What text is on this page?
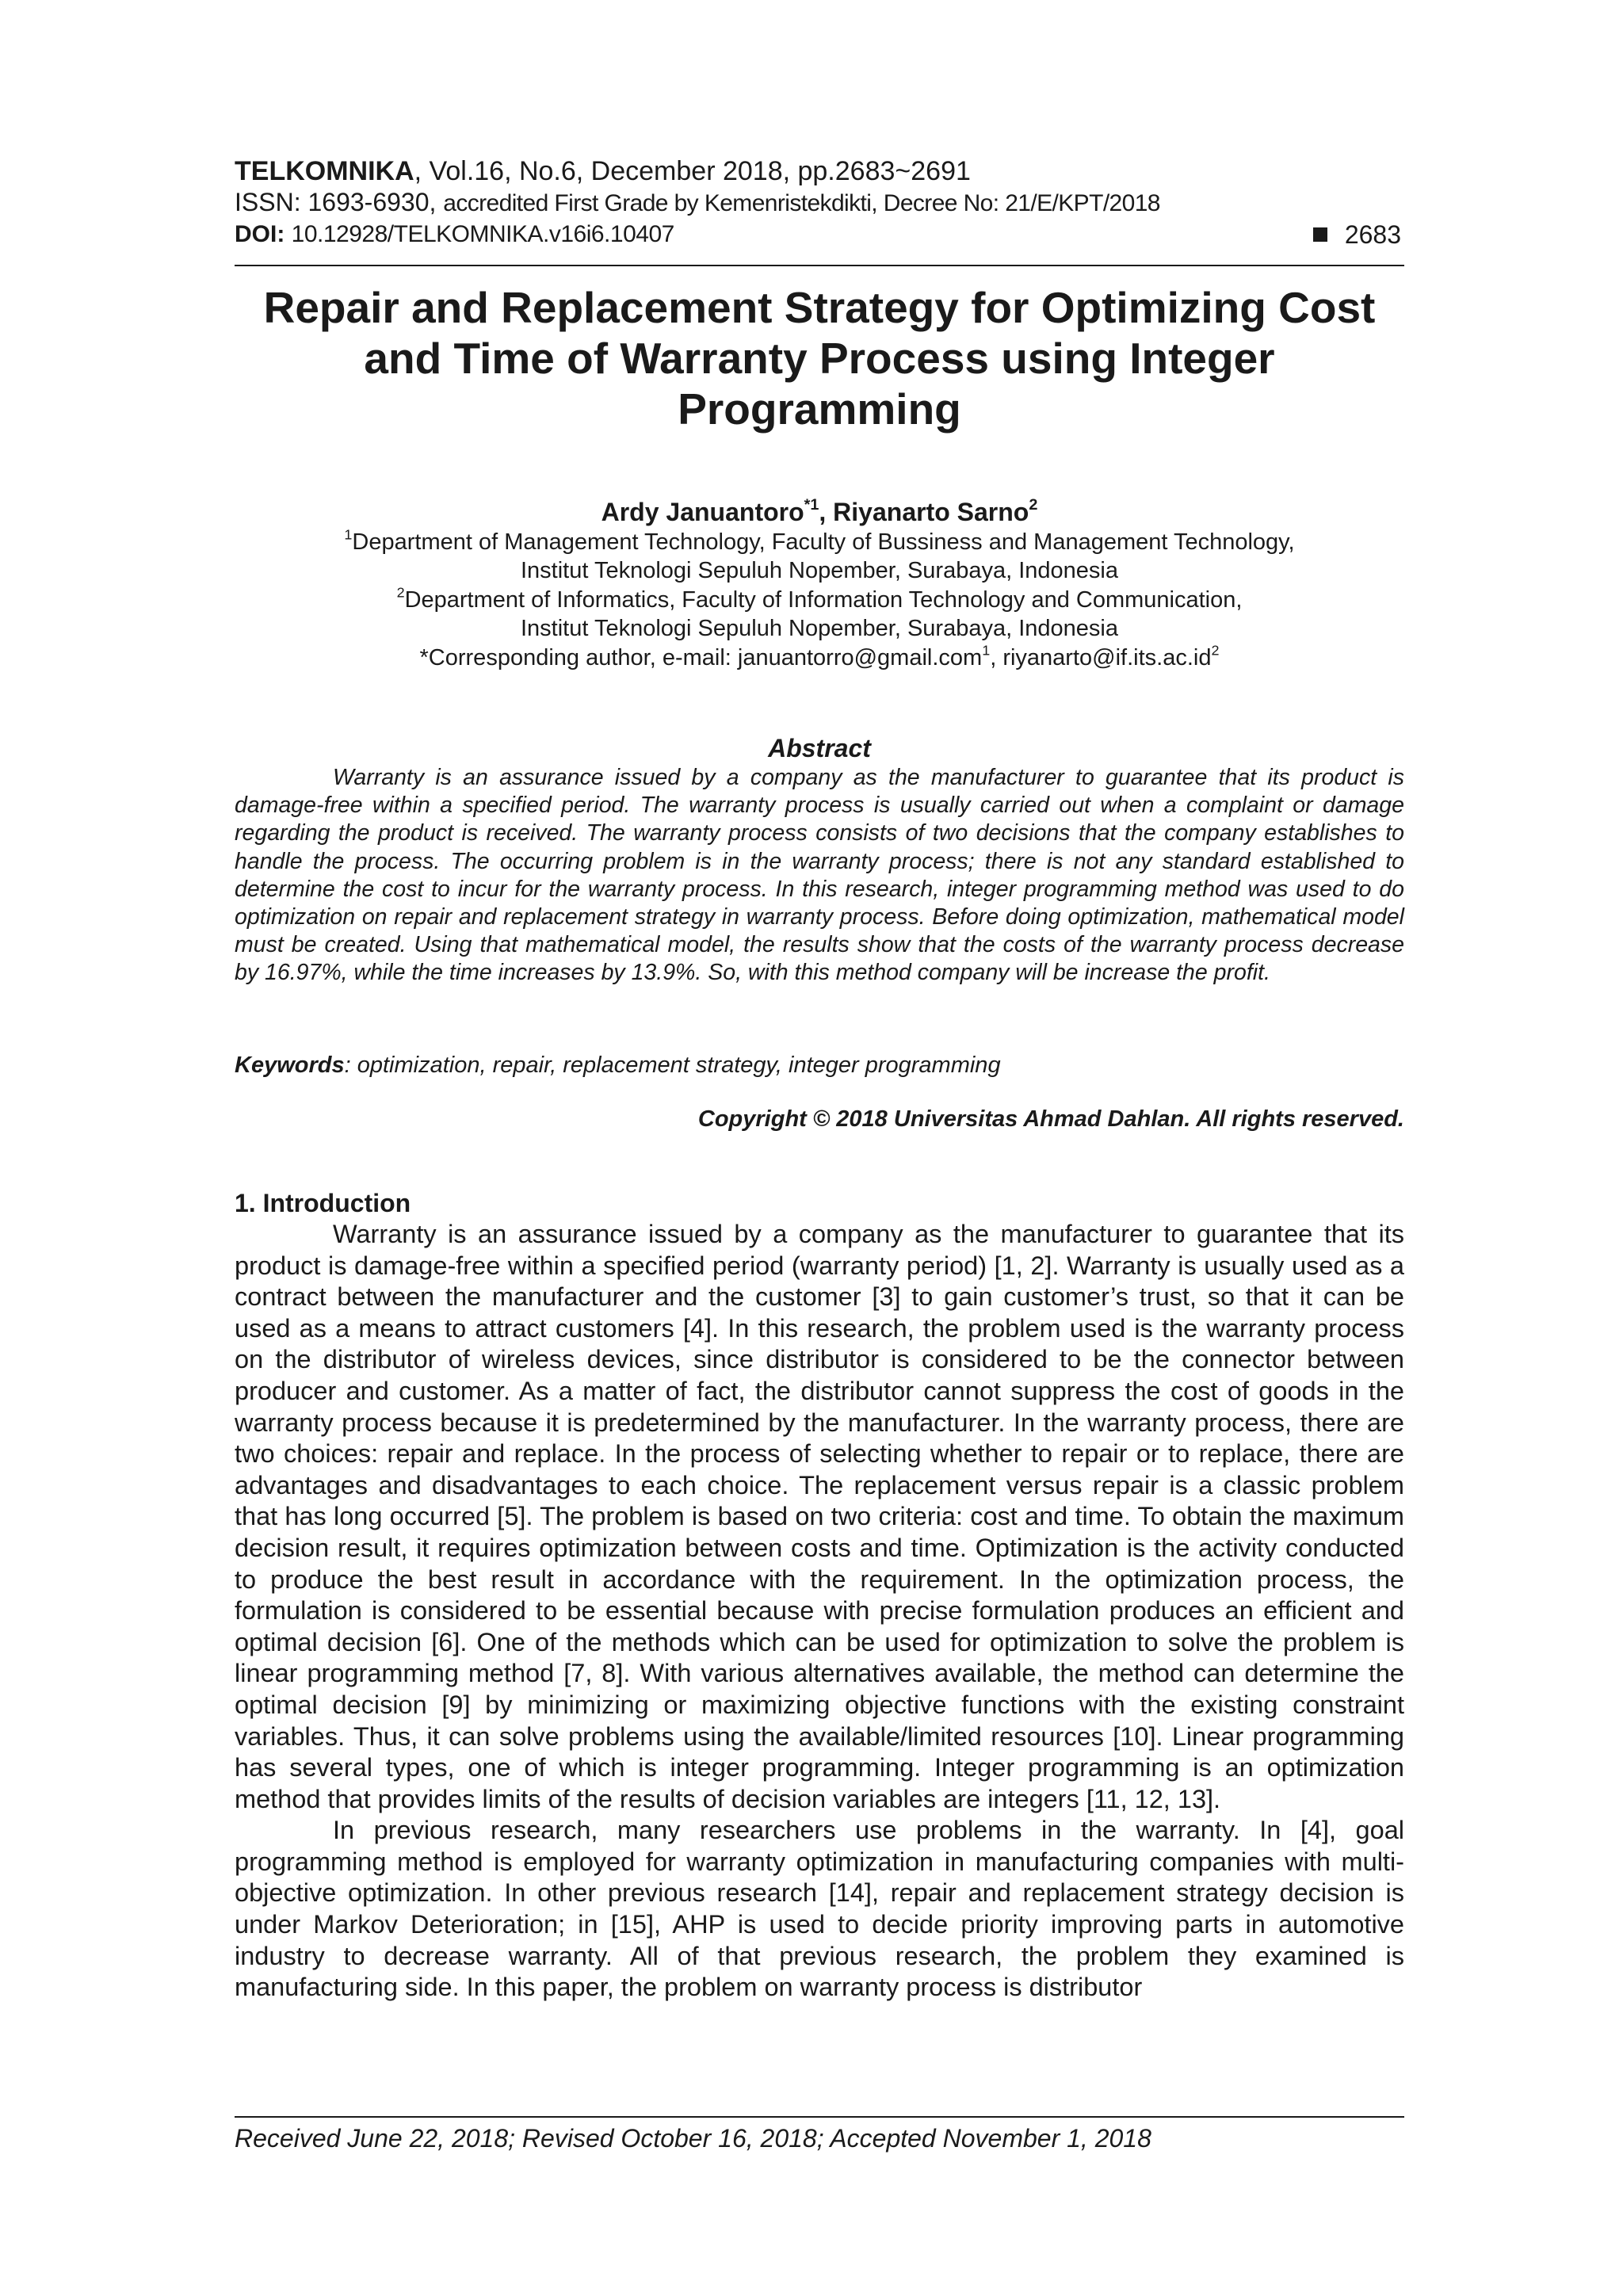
TELKOMNIKA, Vol.16, No.6, December 2018, pp.2683~2691
ISSN: 1693-6930, accredited First Grade by Kemenristekdikti, Decree No: 21/E/KPT/2018
DOI: 10.12928/TELKOMNIKA.v16i6.10407	2683
Repair and Replacement Strategy for Optimizing Cost and Time of Warranty Process using Integer Programming
Ardy Januantoro$^{*1}$, Riyanarto Sarno$^2$
$^1$Department of Management Technology, Faculty of Bussiness and Management Technology,
Institut Teknologi Sepuluh Nopember, Surabaya, Indonesia
$^2$Department of Informatics, Faculty of Information Technology and Communication,
Institut Teknologi Sepuluh Nopember, Surabaya, Indonesia
*Corresponding author, e-mail: januantorro@gmail.com$^1$, $riyanarto@if.its.ac.id^2$
Abstract
Warranty is an assurance issued by a company as the manufacturer to guarantee that its product is damage-free within a specified period. The warranty process is usually carried out when a complaint or damage regarding the product is received. The warranty process consists of two decisions that the company establishes to handle the process. The occurring problem is in the warranty process; there is not any standard established to determine the cost to incur for the warranty process. In this research, integer programming method was used to do optimization on repair and replacement strategy in warranty process. Before doing optimization, mathematical model must be created. Using that mathematical model, the results show that the costs of the warranty process decrease by 16.97%, while the time increases by 13.9%. So, with this method company will be increase the profit.
Keywords: optimization, repair, replacement strategy, integer programming
Copyright © 2018 Universitas Ahmad Dahlan. All rights reserved.
1. Introduction

Warranty is an assurance issued by a company as the manufacturer to guarantee that its product is damage-free within a specified period (warranty period) [1, 2]. Warranty is usually used as a contract between the manufacturer and the customer [3] to gain customer’s trust, so that it can be used as a means to attract customers [4]. In this research, the problem used is the warranty process on the distributor of wireless devices, since distributor is considered to be the connector between producer and customer. As a matter of fact, the distributor cannot suppress the cost of goods in the warranty process because it is predetermined by the manufacturer. In the warranty process, there are two choices: repair and replace. In the process of selecting whether to repair or to replace, there are advantages and disadvantages to each choice. The replacement versus repair is a classic problem that has long occurred [5]. The problem is based on two criteria: cost and time. To obtain the maximum decision result, it requires optimization between costs and time. Optimization is the activity conducted to produce the best result in accordance with the requirement. In the optimization process, the formulation is considered to be essential because with precise formulation produces an efficient and optimal decision [6]. One of the methods which can be used for optimization to solve the problem is linear programming method [7, 8]. With various alternatives available, the method can determine the optimal decision [9] by minimizing or maximizing objective functions with the existing constraint variables. Thus, it can solve problems using the available/limited resources [10]. Linear programming has several types, one of which is integer programming. Integer programming is an optimization method that provides limits of the results of decision variables are integers [11, 12, 13].

In previous research, many researchers use problems in the warranty. In [4], goal programming method is employed for warranty optimization in manufacturing companies with multi-objective optimization. In other previous research [14], repair and replacement strategy decision is under Markov Deterioration; in [15], AHP is used to decide priority improving parts in automotive industry to decrease warranty. All of that previous research, the problem they examined is manufacturing side. In this paper, the problem on warranty process is distributor

Received June 22, 2018; Revised October 16, 2018; Accepted November 1, 2018
